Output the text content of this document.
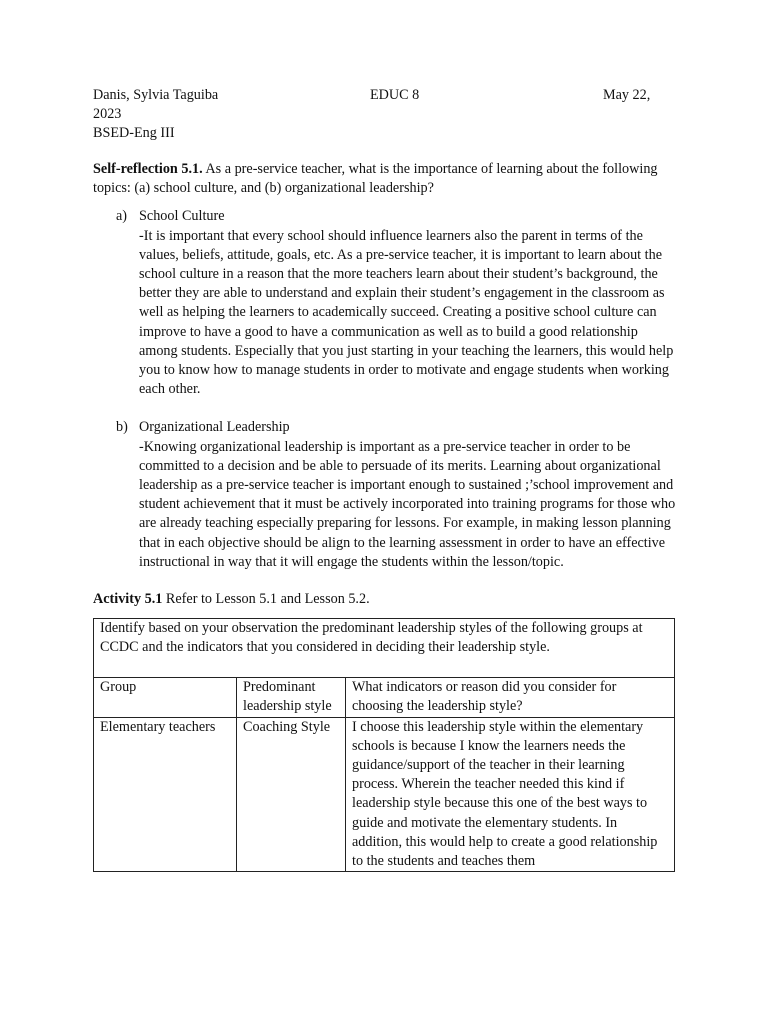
Danis, Sylvia Taguiba	EDUC 8	May 22,
2023
BSED-Eng III

Self-reflection 5.1. As a pre-service teacher, what is the importance of learning about the following topics: (a) school culture, and (b) organizational leadership?

a) School Culture
-It is important that every school should influence learners also the parent in terms of the values, beliefs, attitude, goals, etc. As a pre-service teacher, it is important to learn about the school culture in a reason that the more teachers learn about their student’s background, the better they are able to understand and explain their student’s engagement in the classroom as well as helping the learners to academically succeed. Creating a positive school culture can improve to have a good to have a communication as well as to build a good relationship among students. Especially that you just starting in your teaching the learners, this would help you to know how to manage students in order to motivate and engage students when working each other.
b) Organizational Leadership
-Knowing organizational leadership is important as a pre-service teacher in order to be committed to a decision and be able to persuade of its merits. Learning about organizational leadership as a pre-service teacher is important enough to sustained ;’school improvement and student achievement that it must be actively incorporated into training programs for those who are already teaching especially preparing for lessons. For example, in making lesson planning that in each objective should be align to the learning assessment in order to have an effective instructional in way that it will engage the students within the lesson/topic.

Activity 5.1 Refer to Lesson 5.1 and Lesson 5.2.

Identify based on your observation the predominant leadership styles of the following groups at CCDC and the indicators that you considered in deciding their leadership style.		
Group	Predominant leadership style	What indicators or reason did you consider for choosing the leadership style?
Elementary teachers	Coaching Style	I choose this leadership style within the elementary schools is because I know the learners needs the guidance/support of the teacher in their learning process. Wherein the teacher needed this kind if leadership style because this one of the best ways to guide and motivate the elementary students. In addition, this would help to create a good relationship to the students and teaches them
